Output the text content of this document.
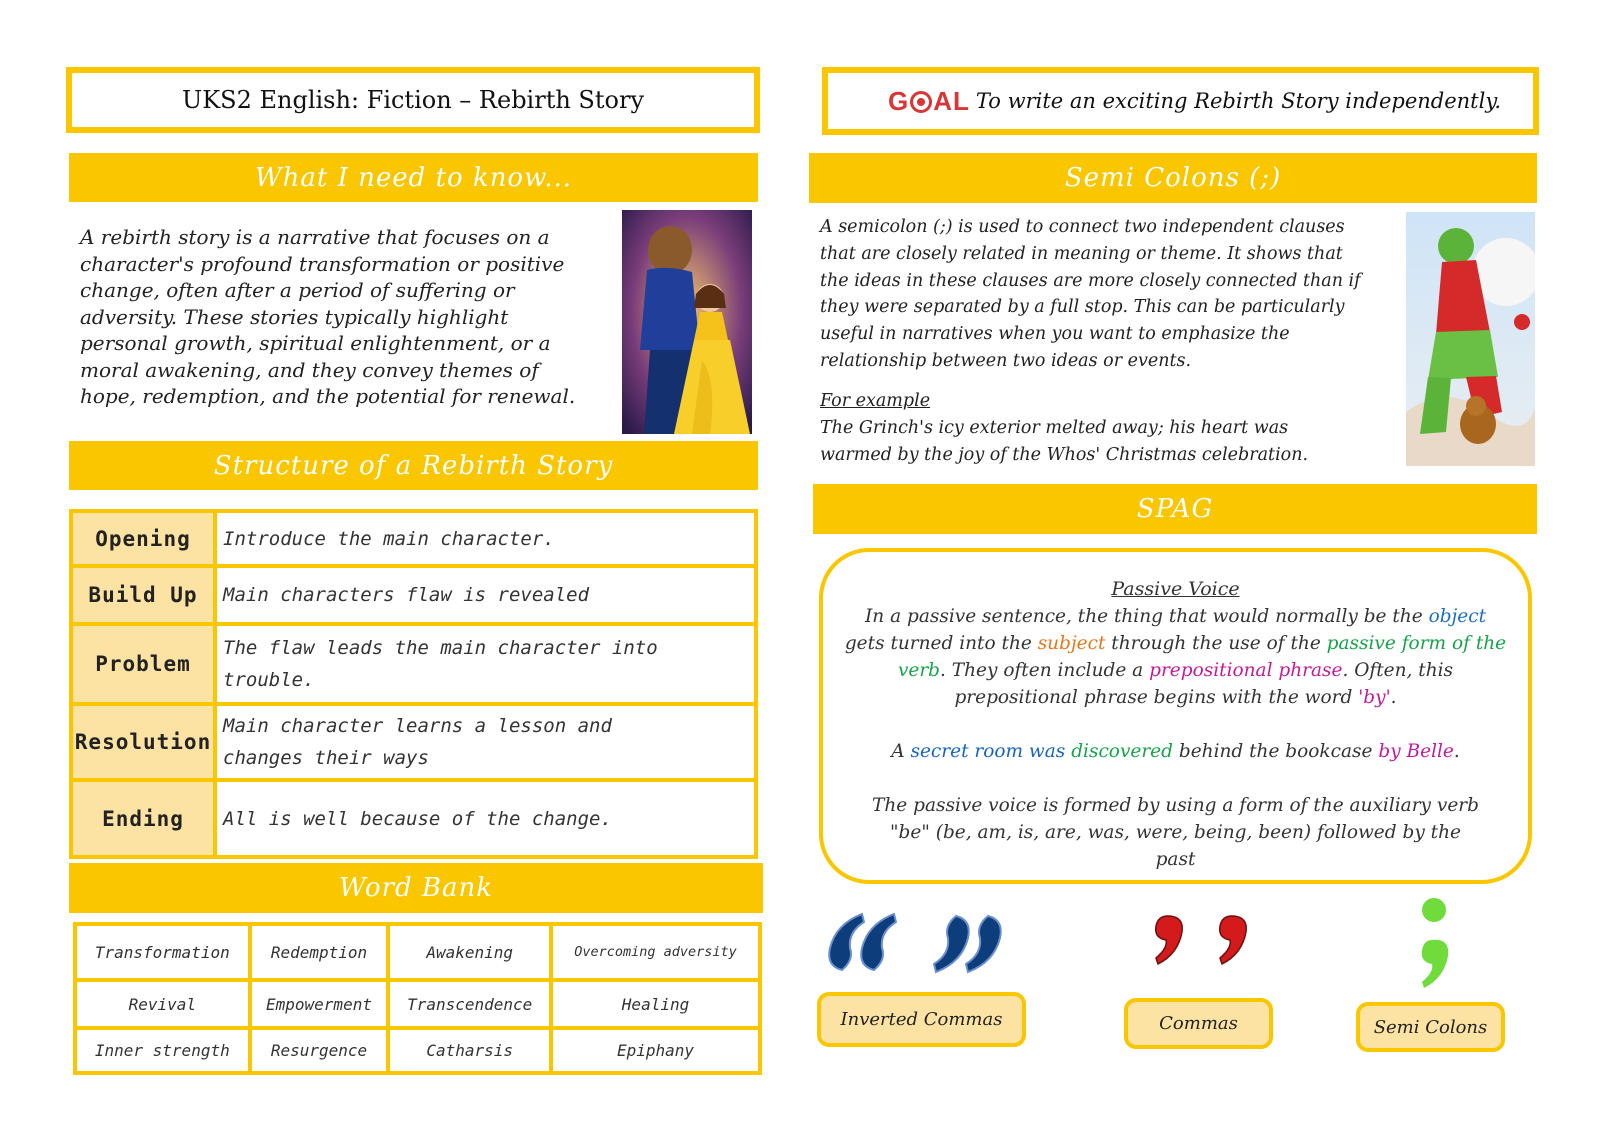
UKS2 English: Fiction – Rebirth Story
What I need to know...
A rebirth story is a narrative that focuses on a character's profound transformation or positive change, often after a period of suffering or adversity. These stories typically highlight personal growth, spiritual enlightenment, or a moral awakening, and they convey themes of hope, redemption, and the potential for renewal.
Structure of a Rebirth Story
Opening	Introduce the main character.
Build Up	Main characters flaw is revealed
Problem	The flaw leads the main character into trouble.
Resolution	Main character learns a lesson and changes their ways
Ending	All is well because of the change.
Word Bank
Transformation	Redemption	Awakening	Overcoming adversity
Revival	Empowerment	Transcendence	Healing
Inner strength	Resurgence	Catharsis	Epiphany
G AL To write an exciting Rebirth Story independently.
Semi Colons (;)
A semicolon (;) is used to connect two independent clauses that are closely related in meaning or theme. It shows that the ideas in these clauses are more closely connected than if they were separated by a full stop. This can be particularly useful in narratives when you want to emphasize the relationship between two ideas or events.
For example
The Grinch's icy exterior melted away; his heart was warmed by the joy of the Whos' Christmas celebration.
SPAG
Passive Voice
In a passive sentence, the thing that would normally be the object gets turned into the subject through the use of the passive form of the verb. They often include a prepositional phrase. Often, this prepositional phrase begins with the word 'by'.
A secret room was discovered behind the bookcase by Belle.
The passive voice is formed by using a form of the auxiliary verb "be" (be, am, is, are, was, were, being, been) followed by the past
Inverted Commas	Commas	Semi Colons
